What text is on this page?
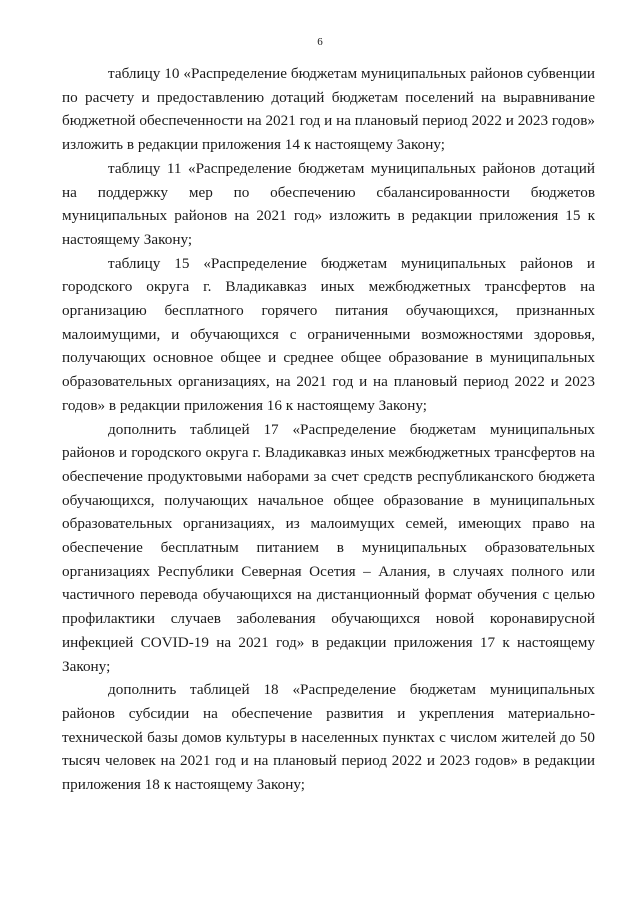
6

таблицу 10 «Распределение бюджетам муниципальных районов субвенции по расчету и предоставлению дотаций бюджетам поселений на выравнивание бюджетной обеспеченности на 2021 год и на плановый период 2022 и 2023 годов» изложить в редакции приложения 14 к настоящему Закону;

таблицу 11 «Распределение бюджетам муниципальных районов дотаций на поддержку мер по обеспечению сбалансированности бюджетов муниципальных районов на 2021 год» изложить в редакции приложения 15 к настоящему Закону;

таблицу 15 «Распределение бюджетам муниципальных районов и городского округа г. Владикавказ иных межбюджетных трансфертов на организацию бесплатного горячего питания обучающихся, признанных малоимущими, и обучающихся с ограниченными возможностями здоровья, получающих основное общее и среднее общее образование в муниципальных образовательных организациях, на 2021 год и на плановый период 2022 и 2023 годов» в редакции приложения 16 к настоящему Закону;

дополнить таблицей 17 «Распределение бюджетам муниципальных районов и городского округа г. Владикавказ иных межбюджетных трансфертов на обеспечение продуктовыми наборами за счет средств республиканского бюджета обучающихся, получающих начальное общее образование в муниципальных образовательных организациях, из малоимущих семей, имеющих право на обеспечение бесплатным питанием в муниципальных образовательных организациях Республики Северная Осетия – Алания, в случаях полного или частичного перевода обучающихся на дистанционный формат обучения с целью профилактики случаев заболевания обучающихся новой коронавирусной инфекцией COVID-19 на 2021 год» в редакции приложения 17 к настоящему Закону;

дополнить таблицей 18 «Распределение бюджетам муниципальных районов субсидии на обеспечение развития и укрепления материально-технической базы домов культуры в населенных пунктах с числом жителей до 50 тысяч человек на 2021 год и на плановый период 2022 и 2023 годов» в редакции приложения 18 к настоящему Закону;
